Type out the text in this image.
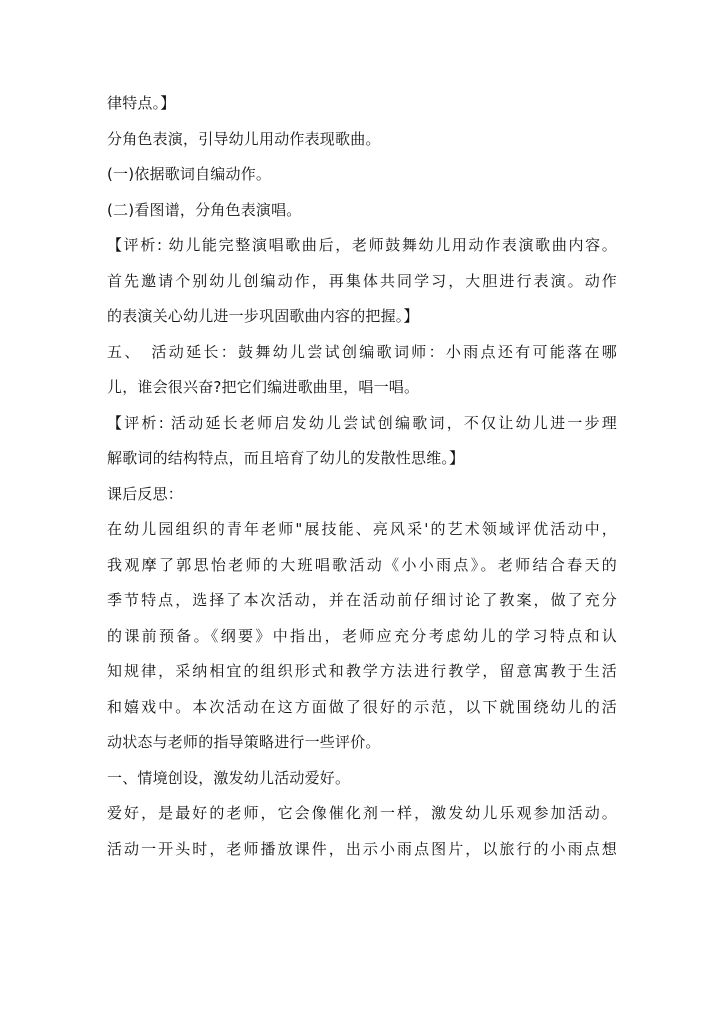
律特点。】
分角色表演，引导幼儿用动作表现歌曲。
(一)依据歌词自编动作。
(二)看图谱，分角色表演唱。
【评析: 幼儿能完整演唱歌曲后，老师鼓舞幼儿用动作表演歌曲内容。
首先邀请个别幼儿创编动作，再集体共同学习，大胆进行表演。动作
的表演关心幼儿进一步巩固歌曲内容的把握。】
五、　活动延长：鼓舞幼儿尝试创编歌词师：小雨点还有可能落在哪
儿，谁会很兴奋?把它们编进歌曲里，唱一唱。
【评析: 活动延长老师启发幼儿尝试创编歌词，不仅让幼儿进一步理
解歌词的结构特点，而且培育了幼儿的发散性思维。】
课后反思：
在幼儿园组织的青年老师"展技能、亮风采'的艺术领域评优活动中，
我观摩了郭思怡老师的大班唱歌活动《小小雨点》。老师结合春天的
季节特点，选择了本次活动，并在活动前仔细讨论了教案，做了充分
的课前预备。《纲要》中指出，老师应充分考虑幼儿的学习特点和认
知规律，采纳相宜的组织形式和教学方法进行教学，留意寓教于生活
和嬉戏中。本次活动在这方面做了很好的示范，以下就围绕幼儿的活
动状态与老师的指导策略进行一些评价。
一、情境创设，激发幼儿活动爱好。
爱好，是最好的老师，它会像催化剂一样，激发幼儿乐观参加活动。
活动一开头时，老师播放课件，出示小雨点图片，以旅行的小雨点想
